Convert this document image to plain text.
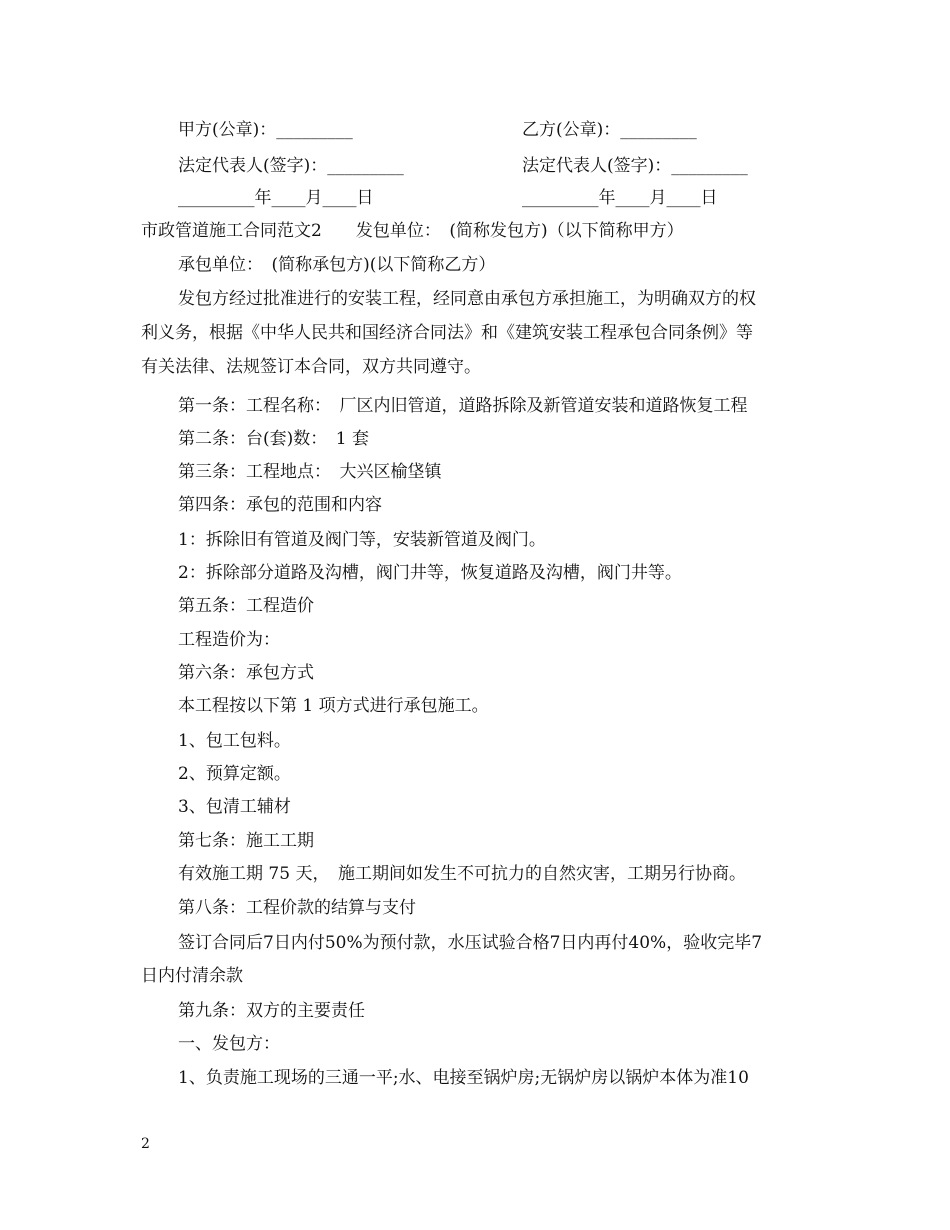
甲方(公章)：_________	乙方(公章)：_________
法定代表人(签字)：_________	法定代表人(签字)：_________
_________年____月____日	_________年____月____日
市政管道施工合同范文2　　发包单位：　(简称发包方)（以下简称甲方）
承包单位：　(简称承包方)(以下简称乙方）
发包方经过批准进行的安装工程，经同意由承包方承担施工，为明确双方的权
利义务，根据《中华人民共和国经济合同法》和《建筑安装工程承包合同条例》等
有关法律、法规签订本合同，双方共同遵守。
第一条：工程名称：　厂区内旧管道，道路拆除及新管道安装和道路恢复工程
第二条：台(套)数：　1 套
第三条：工程地点：　大兴区榆垡镇
第四条：承包的范围和内容
1：拆除旧有管道及阀门等，安装新管道及阀门。
2：拆除部分道路及沟槽，阀门井等，恢复道路及沟槽，阀门井等。
第五条：工程造价
工程造价为：
第六条：承包方式
本工程按以下第 1 项方式进行承包施工。
1、包工包料。
2、预算定额。
3、包清工辅材
第七条：施工工期
有效施工期 75 天，　施工期间如发生不可抗力的自然灾害，工期另行协商。
第八条：工程价款的结算与支付
签订合同后7日内付50%为预付款，水压试验合格7日内再付40%，验收完毕7
日内付清余款
第九条：双方的主要责任
一、发包方：
1、负责施工现场的三通一平;水、电接至锅炉房;无锅炉房以锅炉本体为准10
2
